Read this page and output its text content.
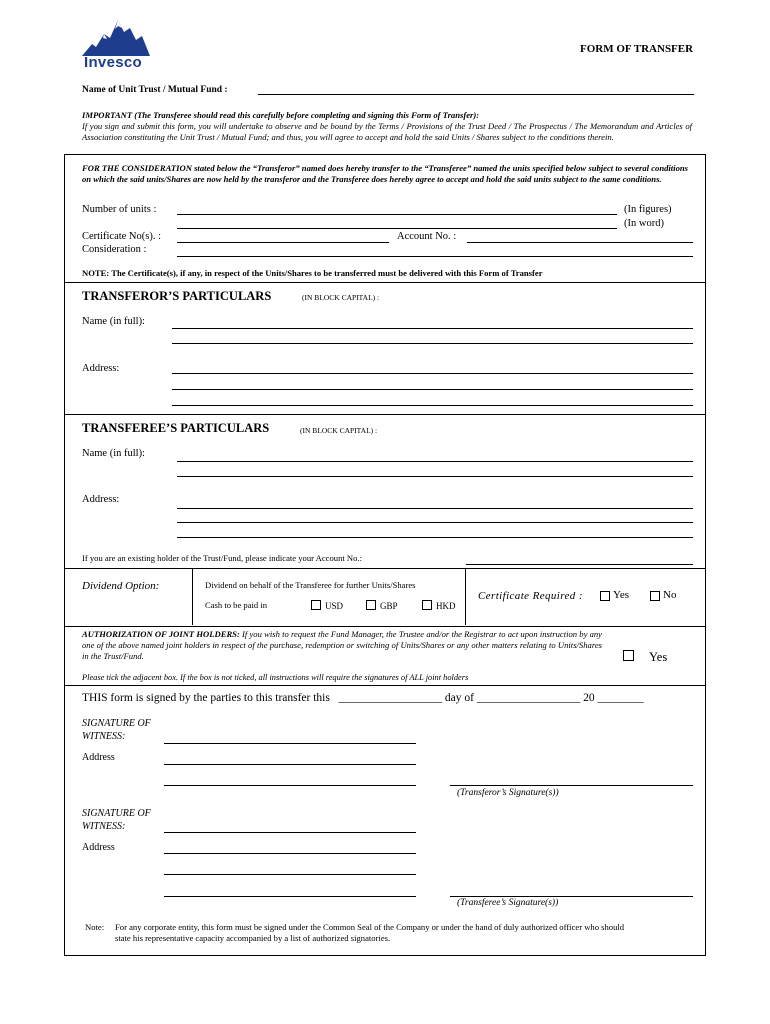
Invesco
FORM OF TRANSFER
Name of Unit Trust / Mutual Fund :
IMPORTANT (The Transferee should read this carefully before completing and signing this Form of Transfer):
If you sign and submit this form, you will undertake to observe and be bound by the Terms / Provisions of the Trust Deed / The Prospectus / The Memorandum and Articles of Association constituting the Unit Trust / Mutual Fund; and thus, you will agree to accept and hold the said Units / Shares subject to the conditions therein.
FOR THE CONSIDERATION stated below the “Transferor” named does hereby transfer to the “Transferee” named the units specified below subject to several conditions on which the said units/Shares are now held by the transferor and the Transferee does hereby agree to accept and hold the said units subject to the same conditions.
Number of units :	(In figures)
(In word)
Certificate No(s). :	Account No. :
Consideration :
NOTE: The Certificate(s), if any, in respect of the Units/Shares to be transferred must be delivered with this Form of Transfer
TRANSFEROR’S PARTICULARS	(IN BLOCK CAPITAL) :
Name (in full):
Address:
TRANSFEREE’S PARTICULARS	(IN BLOCK CAPITAL) :
Name (in full):
Address:
If you are an existing holder of the Trust/Fund, please indicate your Account No.:
Dividend Option:	Dividend on behalf of the Transferee for further Units/Shares
Cash to be paid in	USD	GBP	HKD
Certificate Required :	Yes	No
AUTHORIZATION OF JOINT HOLDERS: If you wish to request the Fund Manager, the Trustee and/or the Registrar to act upon instruction by any one of the above named joint holders in respect of the purchase, redemption or switching of Units/Shares or any other matters relating to Units/Shares in the Trust/Fund.	Yes
Please tick the adjacent box. If the box is not ticked, all instructions will require the signatures of ALL joint holders
THIS form is signed by the parties to this transfer this __________________ day of __________________ 20 ________
SIGNATURE OF
WITNESS:
Address
(Transferor’s Signature(s))
SIGNATURE OF
WITNESS:
Address
(Transferee’s Signature(s))
Note: For any corporate entity, this form must be signed under the Common Seal of the Company or under the hand of duly authorized officer who should
state his representative capacity accompanied by a list of authorized signatories.
